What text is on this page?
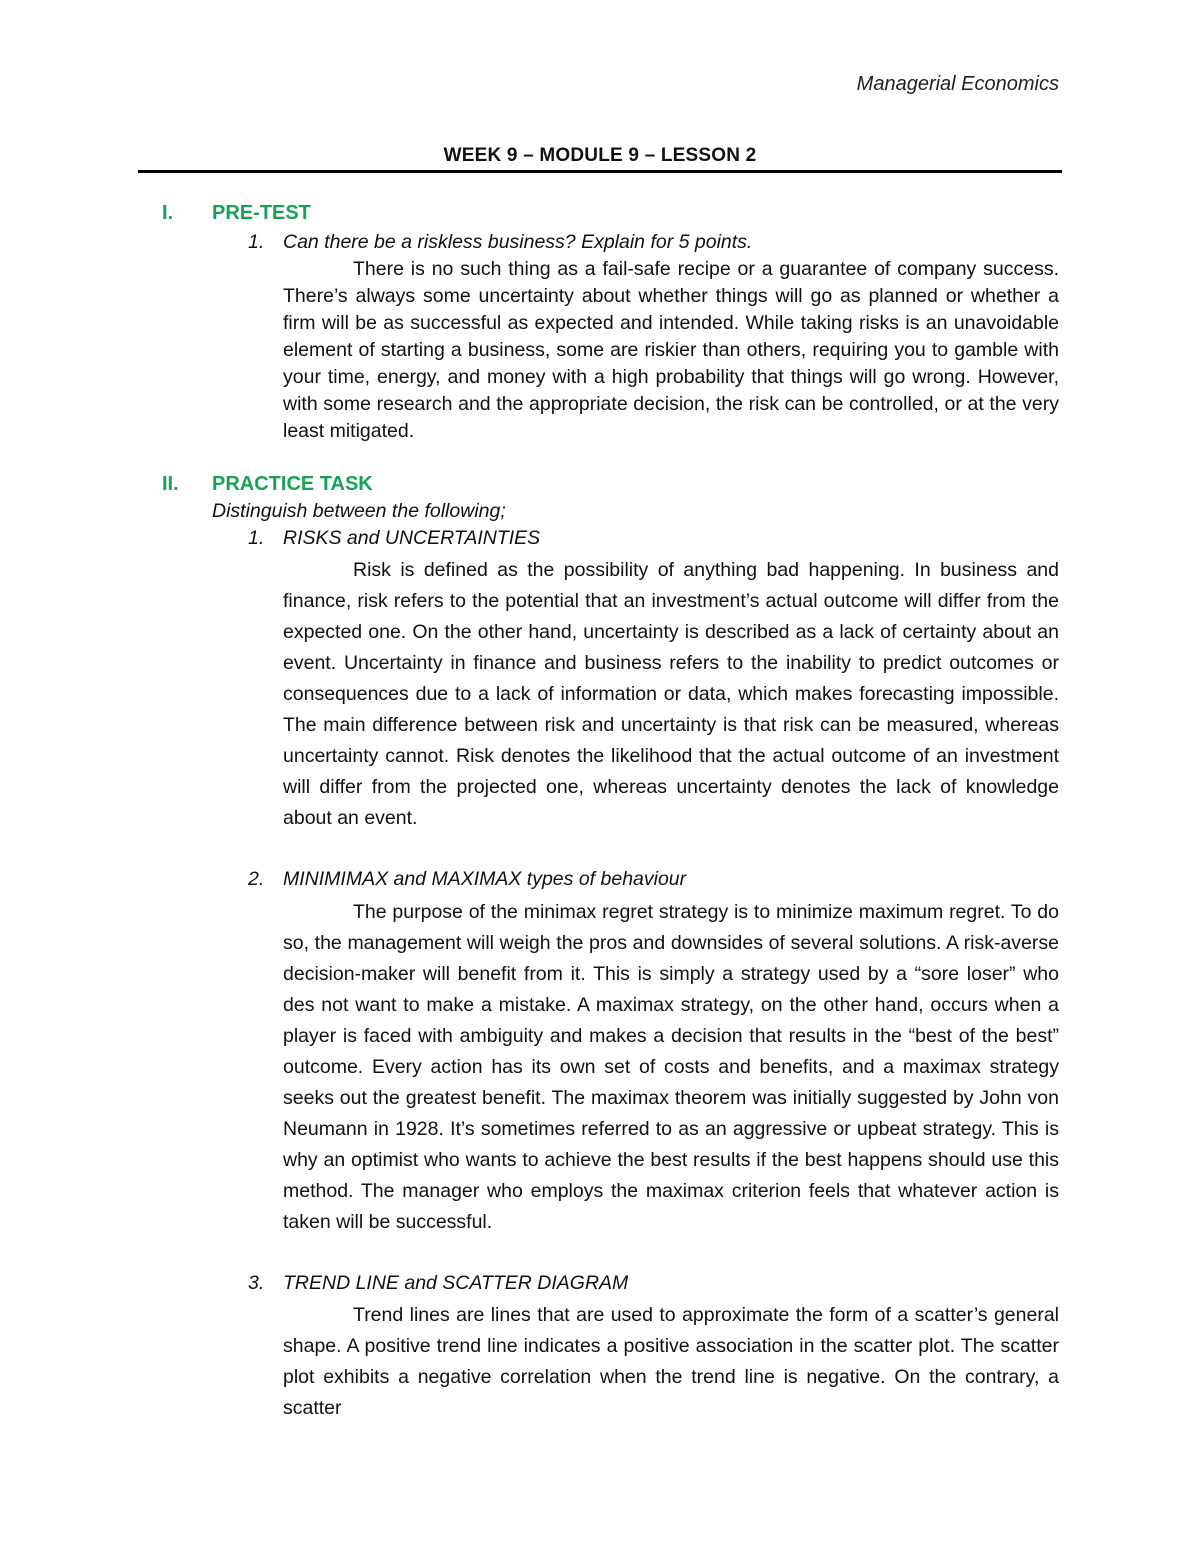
Managerial Economics
WEEK 9 – MODULE 9 – LESSON 2
I. PRE-TEST
1. Can there be a riskless business? Explain for 5 points.

There is no such thing as a fail-safe recipe or a guarantee of company success. There’s always some uncertainty about whether things will go as planned or whether a firm will be as successful as expected and intended. While taking risks is an unavoidable element of starting a business, some are riskier than others, requiring you to gamble with your time, energy, and money with a high probability that things will go wrong. However, with some research and the appropriate decision, the risk can be controlled, or at the very least mitigated.

II. PRACTICE TASK
Distinguish between the following;
1. RISKS and UNCERTAINTIES

Risk is defined as the possibility of anything bad happening. In business and finance, risk refers to the potential that an investment’s actual outcome will differ from the expected one. On the other hand, uncertainty is described as a lack of certainty about an event. Uncertainty in finance and business refers to the inability to predict outcomes or consequences due to a lack of information or data, which makes forecasting impossible. The main difference between risk and uncertainty is that risk can be measured, whereas uncertainty cannot. Risk denotes the likelihood that the actual outcome of an investment will differ from the projected one, whereas uncertainty denotes the lack of knowledge about an event.

2. MINIMIMAX and MAXIMAX types of behaviour

The purpose of the minimax regret strategy is to minimize maximum regret. To do so, the management will weigh the pros and downsides of several solutions. A risk-averse decision-maker will benefit from it. This is simply a strategy used by a “sore loser” who des not want to make a mistake. A maximax strategy, on the other hand, occurs when a player is faced with ambiguity and makes a decision that results in the “best of the best” outcome. Every action has its own set of costs and benefits, and a maximax strategy seeks out the greatest benefit. The maximax theorem was initially suggested by John von Neumann in 1928. It’s sometimes referred to as an aggressive or upbeat strategy. This is why an optimist who wants to achieve the best results if the best happens should use this method. The manager who employs the maximax criterion feels that whatever action is taken will be successful.

3. TREND LINE and SCATTER DIAGRAM

Trend lines are lines that are used to approximate the form of a scatter’s general shape. A positive trend line indicates a positive association in the scatter plot. The scatter plot exhibits a negative correlation when the trend line is negative. On the contrary, a scatter
